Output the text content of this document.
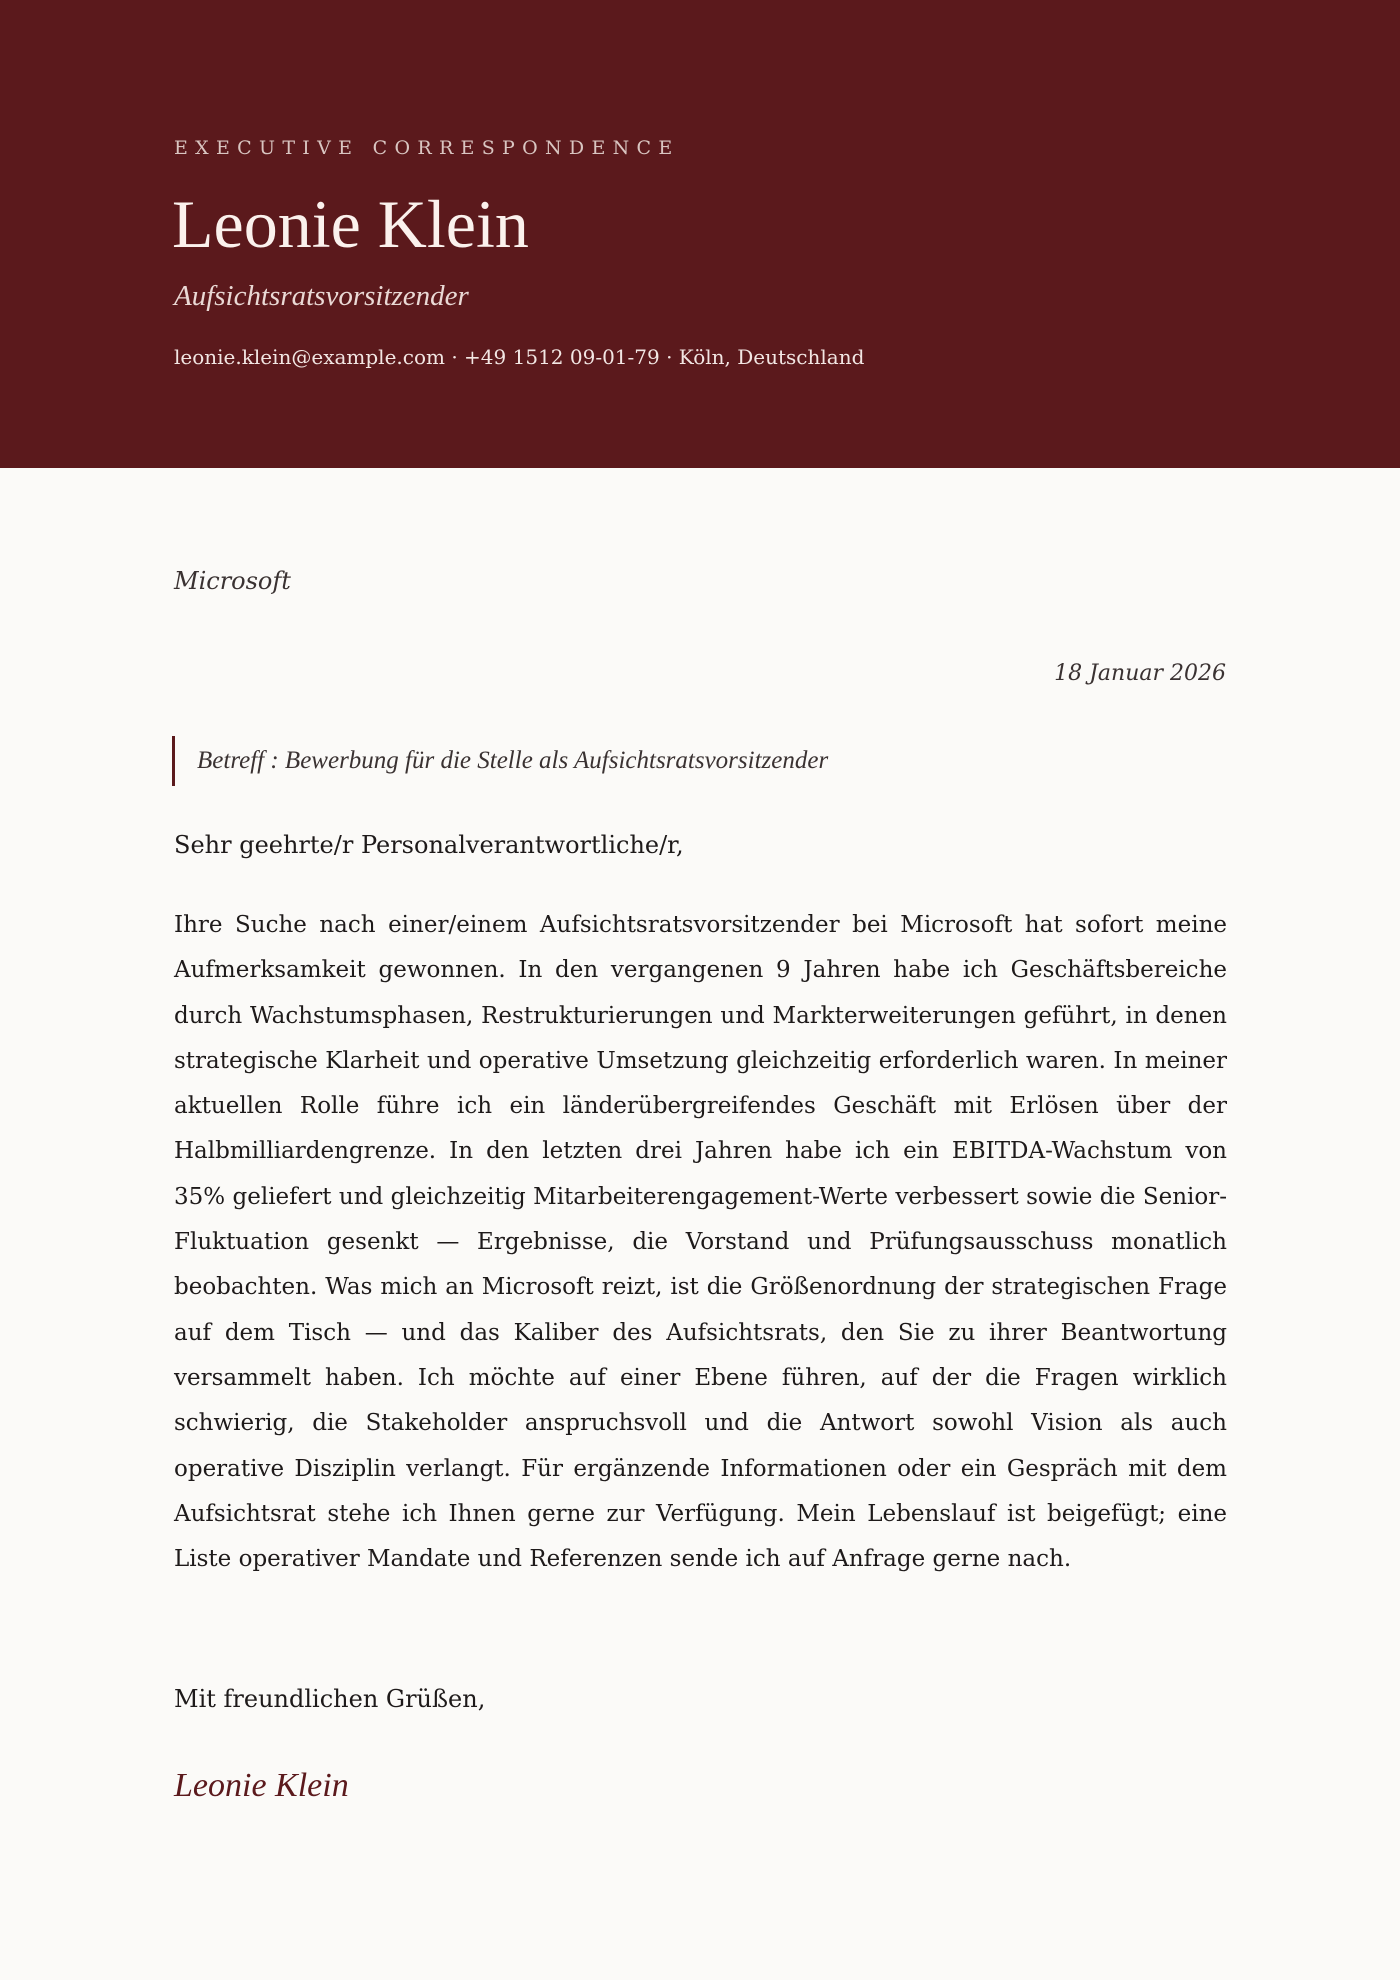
EXECUTIVE CORRESPONDENCE
Leonie Klein
Aufsichtsratsvorsitzender
leonie.klein@example.com · +49 1512 09-01-79 · Köln, Deutschland
Microsoft
18 Januar 2026
Betreff : Bewerbung für die Stelle als Aufsichtsratsvorsitzender
Sehr geehrte/r Personalverantwortliche/r,

Ihre Suche nach einer/einem Aufsichtsratsvorsitzender bei Microsoft hat sofort meine Aufmerksamkeit gewonnen. In den vergangenen 9 Jahren habe ich Geschäftsbereiche durch Wachstumsphasen, Restrukturierungen und Markterweiterungen geführt, in denen strategische Klarheit und operative Umsetzung gleichzeitig erforderlich waren. In meiner aktuellen Rolle führe ich ein länderübergreifendes Geschäft mit Erlösen über der Halbmilliardengrenze. In den letzten drei Jahren habe ich ein EBITDA-Wachstum von 35% geliefert und gleichzeitig Mitarbeiterengagement-Werte verbessert sowie die Senior-Fluktuation gesenkt — Ergebnisse, die Vorstand und Prüfungsausschuss monatlich beobachten. Was mich an Microsoft reizt, ist die Größenordnung der strategischen Frage auf dem Tisch — und das Kaliber des Aufsichtsrats, den Sie zu ihrer Beantwortung versammelt haben. Ich möchte auf einer Ebene führen, auf der die Fragen wirklich schwierig, die Stakeholder anspruchsvoll und die Antwort sowohl Vision als auch operative Disziplin verlangt. Für ergänzende Informationen oder ein Gespräch mit dem Aufsichtsrat stehe ich Ihnen gerne zur Verfügung. Mein Lebenslauf ist beigefügt; eine Liste operativer Mandate und Referenzen sende ich auf Anfrage gerne nach.

Mit freundlichen Grüßen,
Leonie Klein
